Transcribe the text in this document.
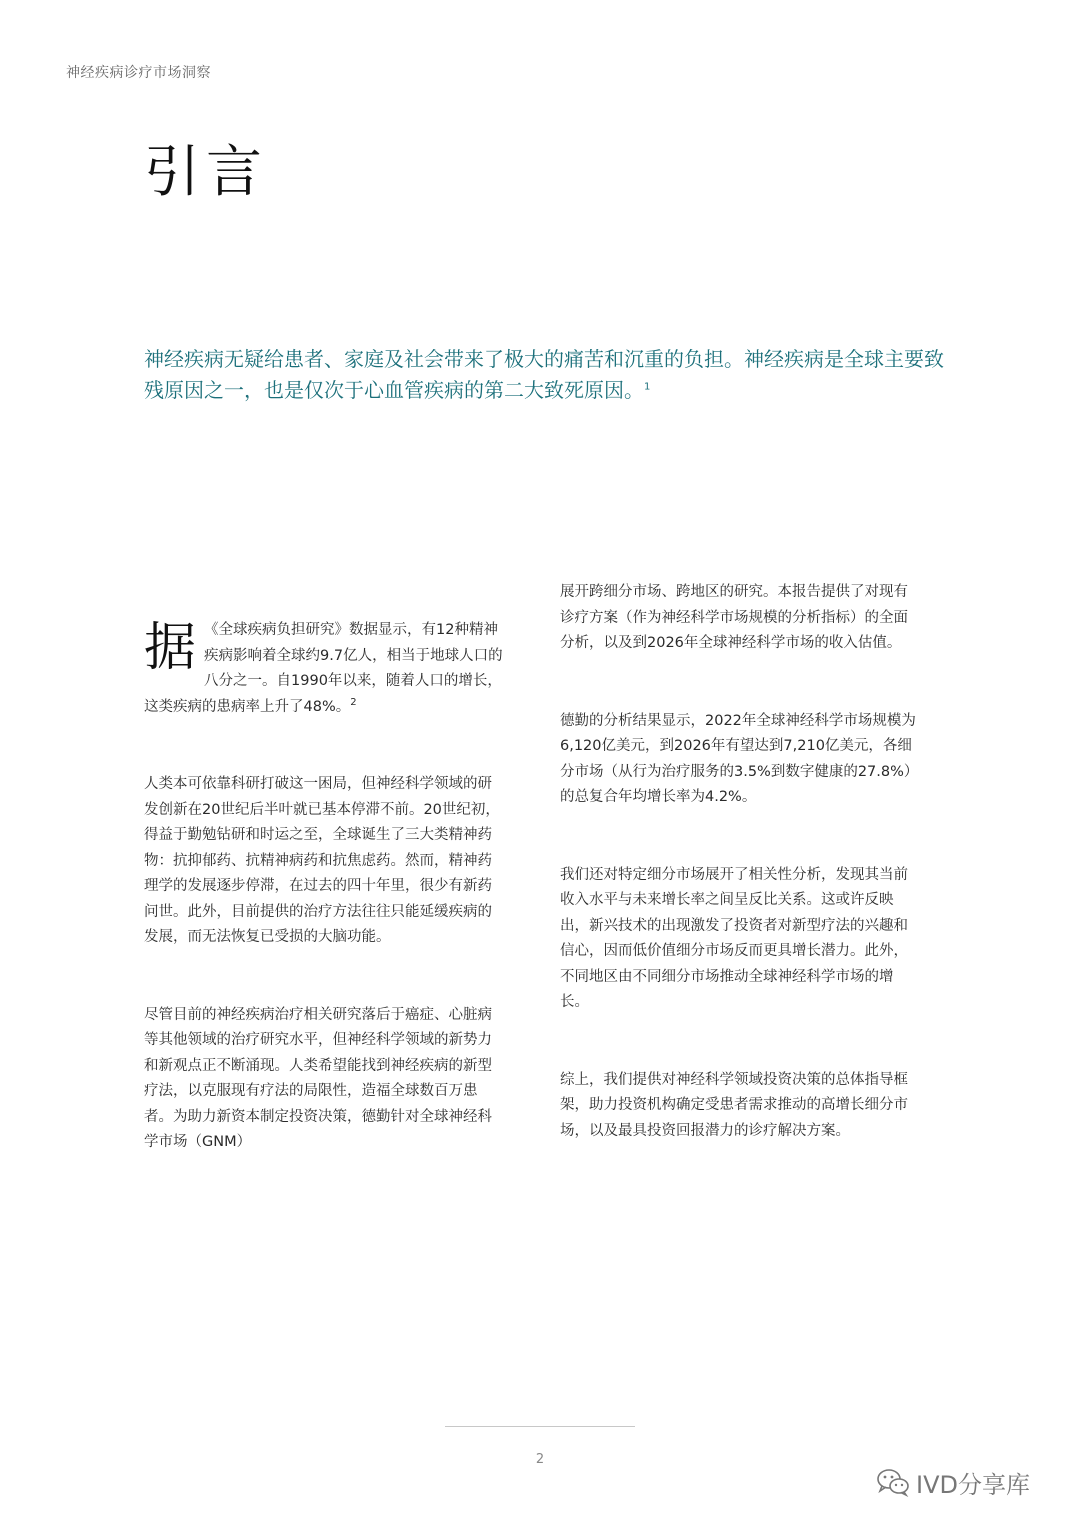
神经疾病诊疗市场洞察
引言

神经疾病无疑给患者、家庭及社会带来了极大的痛苦和沉重的负担。神经疾病是全球主要致残原因之一，也是仅次于心血管疾病的第二大致死原因。$^1$

据 《全球疾病负担研究》数据显示，有12种精神疾病影响着全球约9.7亿人，相当于地球人口的八分之一。自1990年以来，随着人口的增长，这类疾病的患病率上升了48%。$^2$

人类本可依靠科研打破这一困局，但神经科学领域的研发创新在20世纪后半叶就已基本停滞不前。20世纪初，得益于勤勉钻研和时运之至，全球诞生了三大类精神药物：抗抑郁药、抗精神病药和抗焦虑药。然而，精神药理学的发展逐步停滞，在过去的四十年里，很少有新药问世。此外，目前提供的治疗方法往往只能延缓疾病的发展，而无法恢复已受损的大脑功能。

尽管目前的神经疾病治疗相关研究落后于癌症、心脏病等其他领域的治疗研究水平，但神经科学领域的新势力和新观点正不断涌现。人类希望能找到神经疾病的新型疗法，以克服现有疗法的局限性，造福全球数百万患者。为助力新资本制定投资决策，德勤针对全球神经科学市场（GNM）

展开跨细分市场、跨地区的研究。本报告提供了对现有诊疗方案（作为神经科学市场规模的分析指标）的全面分析，以及到2026年全球神经科学市场的收入估值。

德勤的分析结果显示，2022年全球神经科学市场规模为6,120亿美元，到2026年有望达到7,210亿美元，各细分市场（从行为治疗服务的3.5%到数字健康的27.8%）的总复合年均增长率为4.2%。

我们还对特定细分市场展开了相关性分析，发现其当前收入水平与未来增长率之间呈反比关系。这或许反映出，新兴技术的出现激发了投资者对新型疗法的兴趣和信心，因而低价值细分市场反而更具增长潜力。此外，不同地区由不同细分市场推动全球神经科学市场的增长。

综上，我们提供对神经科学领域投资决策的总体指导框架，助力投资机构确定受患者需求推动的高增长细分市场，以及最具投资回报潜力的诊疗解决方案。

2
IVD分享库
